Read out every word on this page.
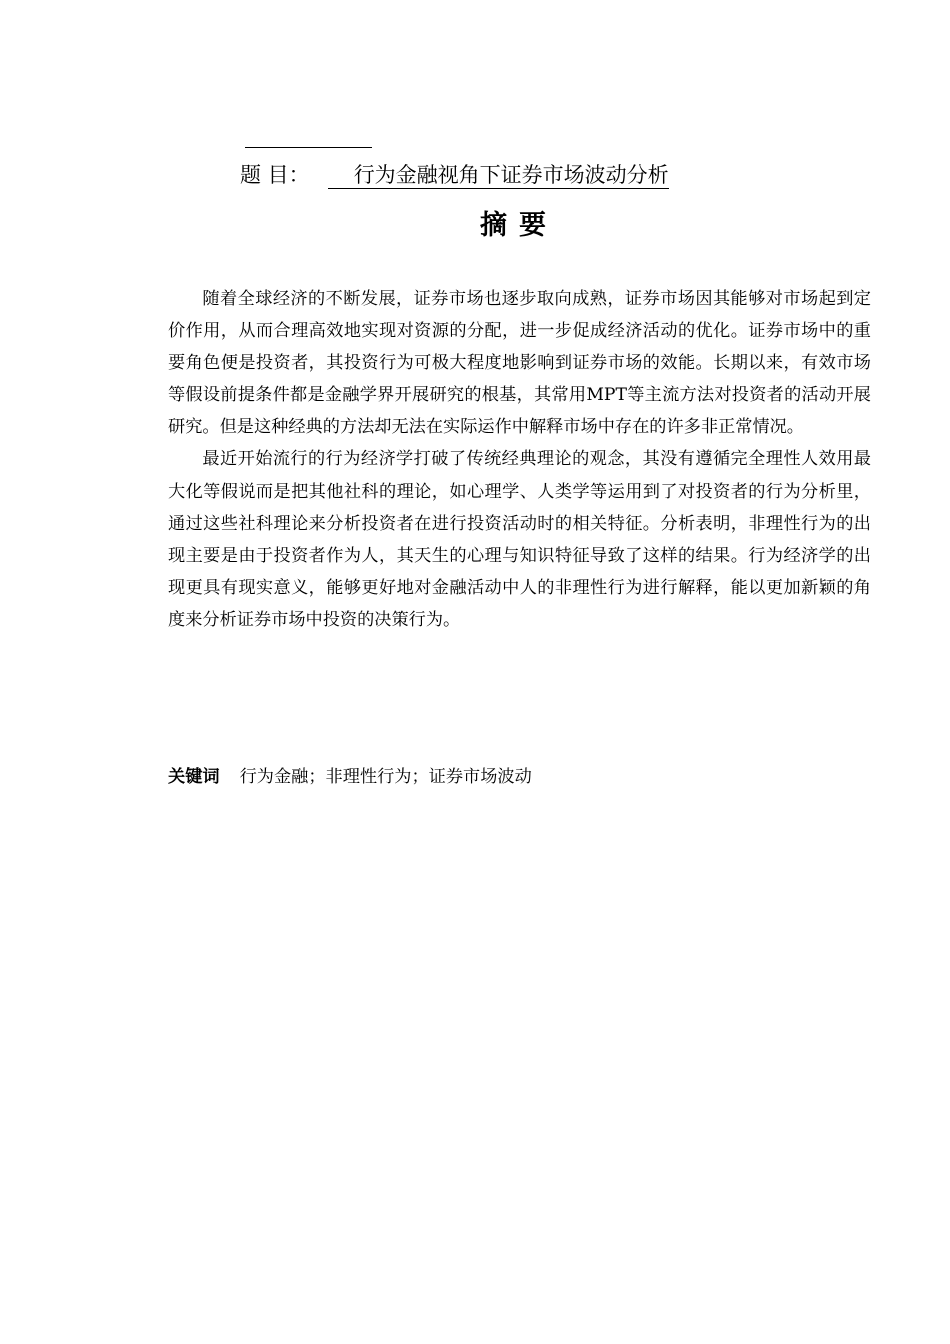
题 目： 行为金融视角下证券市场波动分析
摘要

随着全球经济的不断发展，证券市场也逐步取向成熟，证券市场因其能够对市场起到定价作用，从而合理高效地实现对资源的分配，进一步促成经济活动的优化。证券市场中的重要角色便是投资者，其投资行为可极大程度地影响到证券市场的效能。长期以来，有效市场等假设前提条件都是金融学界开展研究的根基，其常用MPT等主流方法对投资者的活动开展研究。但是这种经典的方法却无法在实际运作中解释市场中存在的许多非正常情况。

最近开始流行的行为经济学打破了传统经典理论的观念，其没有遵循完全理性人效用最大化等假说而是把其他社科的理论，如心理学、人类学等运用到了对投资者的行为分析里，通过这些社科理论来分析投资者在进行投资活动时的相关特征。分析表明，非理性行为的出现主要是由于投资者作为人，其天生的心理与知识特征导致了这样的结果。行为经济学的出现更具有现实意义，能够更好地对金融活动中人的非理性行为进行解释，能以更加新颖的角度来分析证券市场中投资的决策行为。

关键词 行为金融；非理性行为；证券市场波动
